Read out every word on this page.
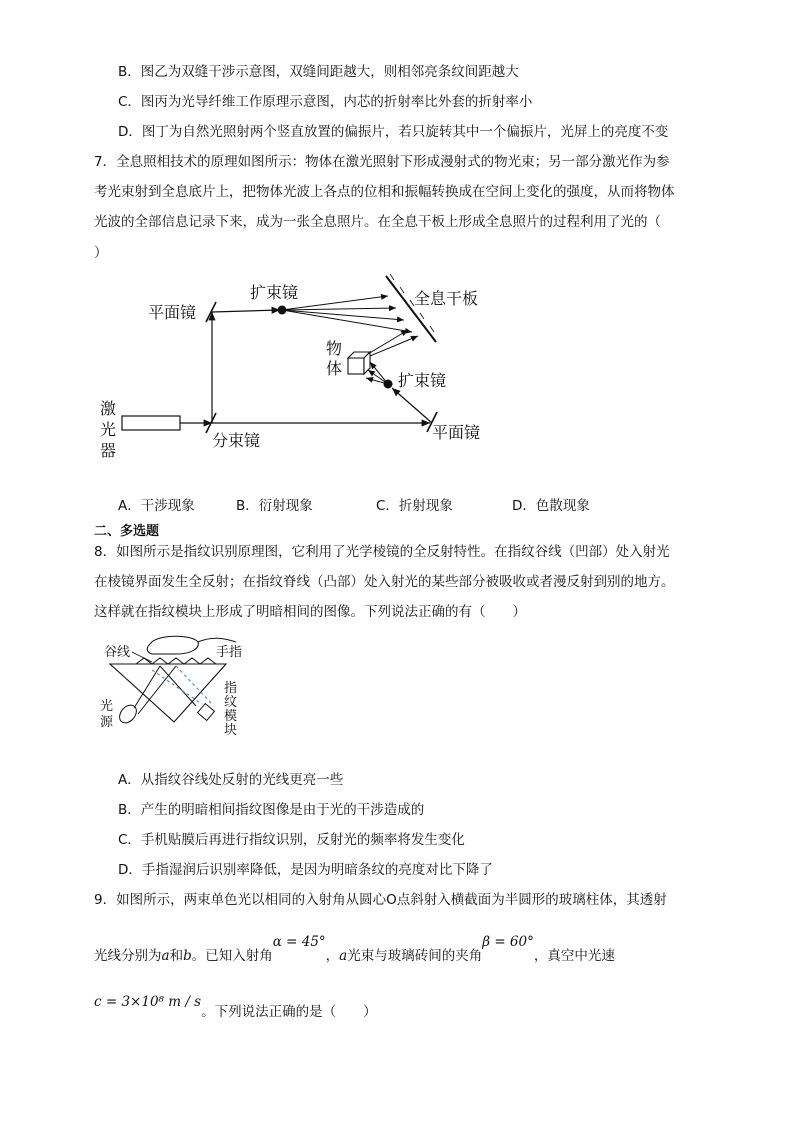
B．图乙为双缝干涉示意图，双缝间距越大，则相邻亮条纹间距越大
C．图丙为光导纤维工作原理示意图，内芯的折射率比外套的折射率小
D．图丁为自然光照射两个竖直放置的偏振片，若只旋转其中一个偏振片，光屏上的亮度不变
7．全息照相技术的原理如图所示：物体在激光照射下形成漫射式的物光束；另一部分激光作为参
考光束射到全息底片上，把物体光波上各点的位相和振幅转换成在空间上变化的强度，从而将物体
光波的全部信息记录下来，成为一张全息照片。在全息干板上形成全息照片的过程利用了光的（
）
激
光
器
分束镜
平面镜
扩束镜	全息干板
平面镜
扩束镜
物
体
A．干涉现象	B．衍射现象	C．折射现象	D．色散现象
二、多选题
8．如图所示是指纹识别原理图，它利用了光学棱镜的全反射特性。在指纹谷线（凹部）处入射光
在棱镜界面发生全反射；在指纹脊线（凸部）处入射光的某些部分被吸收或者漫反射到别的地方。
这样就在指纹模块上形成了明暗相间的图像。下列说法正确的有（　　）
手指
谷线
光
源
指
纹
模
块
A．从指纹谷线处反射的光线更亮一些
B．产生的明暗相间指纹图像是由于光的干涉造成的
C．手机贴膜后再进行指纹识别，反射光的频率将发生变化
D．手指湿润后识别率降低，是因为明暗条纹的亮度对比下降了
9．如图所示，两束单色光以相同的入射角从圆心O点斜射入横截面为半圆形的玻璃柱体，其透射
光线分别为a和b。已知入射角α = 45°，a光束与玻璃砖间的夹角β = 60°，真空中光速
c = 3×10⁸ m / s。下列说法正确的是（　　）
